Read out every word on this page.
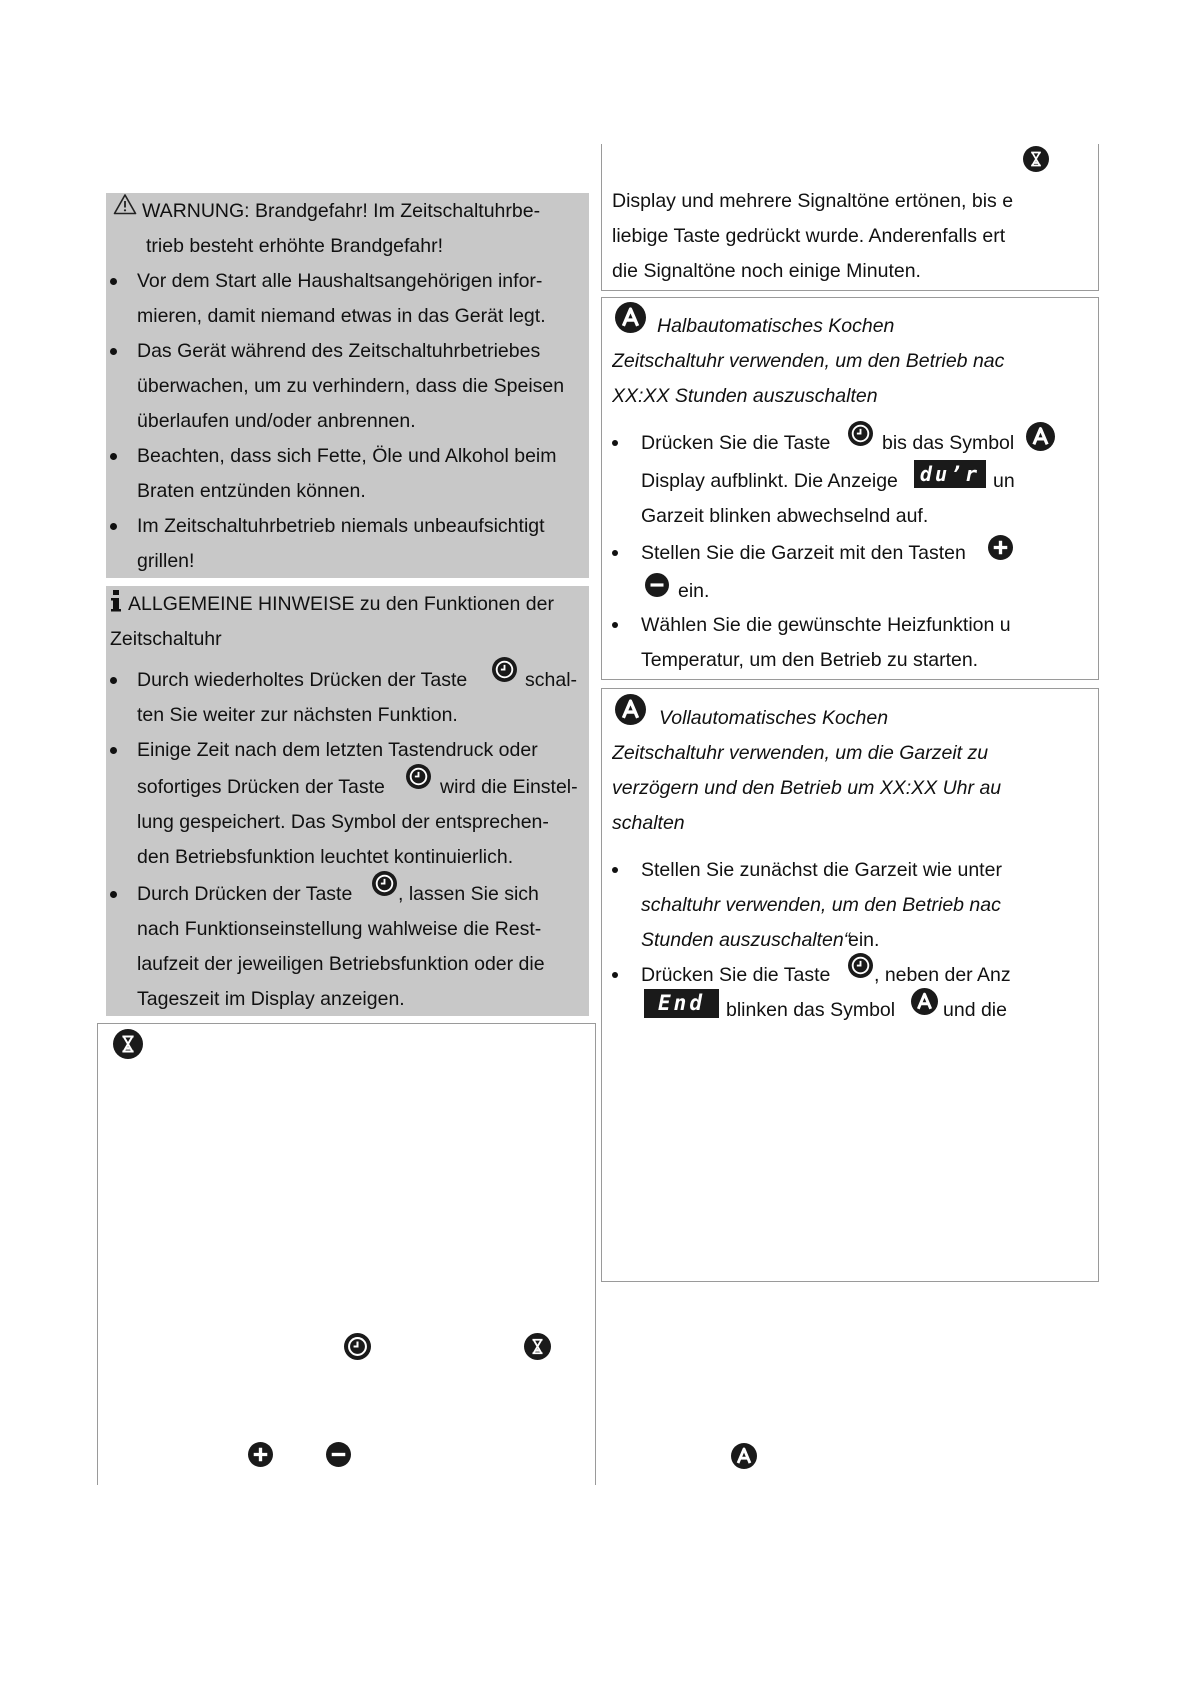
WARNUNG: Brandgefahr! Im Zeitschaltuhrbe-
trieb besteht erhöhte Brandgefahr!
Vor dem Start alle Haushaltsangehörigen infor-
mieren, damit niemand etwas in das Gerät legt.
Das Gerät während des Zeitschaltuhrbetriebes
überwachen, um zu verhindern, dass die Speisen
überlaufen und/oder anbrennen.
Beachten, dass sich Fette, Öle und Alkohol beim
Braten entzünden können.
Im Zeitschaltuhrbetrieb niemals unbeaufsichtigt
grillen!
ALLGEMEINE HINWEISE zu den Funktionen der
Zeitschaltuhr
Durch wiederholtes Drücken der Taste	schal-
ten Sie weiter zur nächsten Funktion.
Einige Zeit nach dem letzten Tastendruck oder
sofortiges Drücken der Taste	wird die Einstel-
lung gespeichert. Das Symbol der entsprechen-
den Betriebsfunktion leuchtet kontinuierlich.
Durch Drücken der Taste , lassen Sie sich
nach Funktionseinstellung wahlweise die Rest-
laufzeit der jeweiligen Betriebsfunktion oder die
Tageszeit im Display anzeigen.
Display und mehrere Signaltöne ertönen, bis e
liebige Taste gedrückt wurde. Anderenfalls ert
die Signaltöne noch einige Minuten.
Halbautomatisches Kochen
Zeitschaltuhr verwenden, um den Betrieb nac
XX:XX Stunden auszuschalten
Drücken Sie die Taste	bis das Symbol
Display aufblinkt. Die Anzeige du’r un
Garzeit blinken abwechselnd auf.
Stellen Sie die Garzeit mit den Tasten
ein.
Wählen Sie die gewünschte Heizfunktion u
Temperatur, um den Betrieb zu starten.
Vollautomatisches Kochen
Zeitschaltuhr verwenden, um die Garzeit zu
verzögern und den Betrieb um XX:XX Uhr au
schalten
Stellen Sie zunächst die Garzeit wie unter
schaltuhr verwenden, um den Betrieb nac
Stunden auszuschalten“
ein.
Drücken Sie die Taste , neben der Anz
End	blinken das Symbol und die
